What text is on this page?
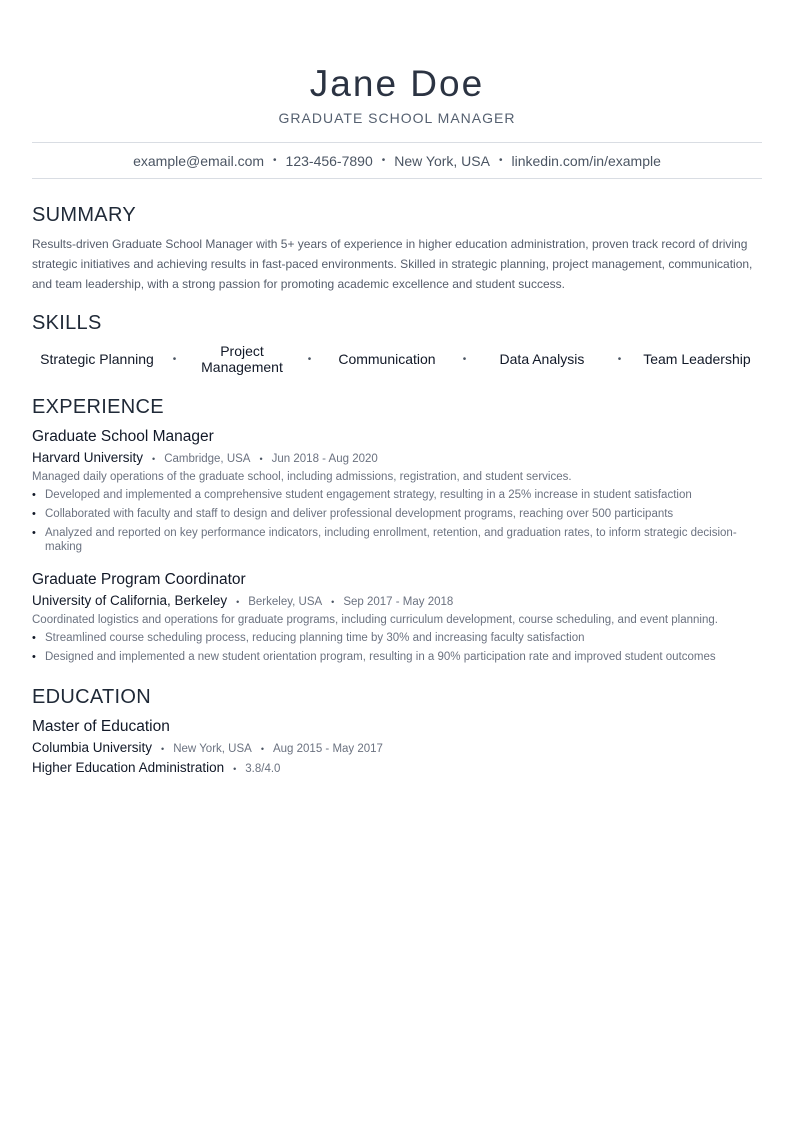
Jane Doe
GRADUATE SCHOOL MANAGER
example@email.com • 123-456-7890 • New York, USA • linkedin.com/in/example
SUMMARY
Results-driven Graduate School Manager with 5+ years of experience in higher education administration, proven track record of driving strategic initiatives and achieving results in fast-paced environments. Skilled in strategic planning, project management, communication, and team leadership, with a strong passion for promoting academic excellence and student success.
SKILLS
Strategic Planning	•	Project Management	•	Communication	•	Data Analysis	•	Team Leadership
EXPERIENCE
Graduate School Manager
Harvard University • Cambridge, USA • Jun 2018 - Aug 2020
Managed daily operations of the graduate school, including admissions, registration, and student services.
• Developed and implemented a comprehensive student engagement strategy, resulting in a 25% increase in student satisfaction
• Collaborated with faculty and staff to design and deliver professional development programs, reaching over 500 participants
• Analyzed and reported on key performance indicators, including enrollment, retention, and graduation rates, to inform strategic decision-making
Graduate Program Coordinator
University of California, Berkeley • Berkeley, USA • Sep 2017 - May 2018
Coordinated logistics and operations for graduate programs, including curriculum development, course scheduling, and event planning.
• Streamlined course scheduling process, reducing planning time by 30% and increasing faculty satisfaction
• Designed and implemented a new student orientation program, resulting in a 90% participation rate and improved student outcomes
EDUCATION
Master of Education
Columbia University • New York, USA • Aug 2015 - May 2017
Higher Education Administration • 3.8/4.0
